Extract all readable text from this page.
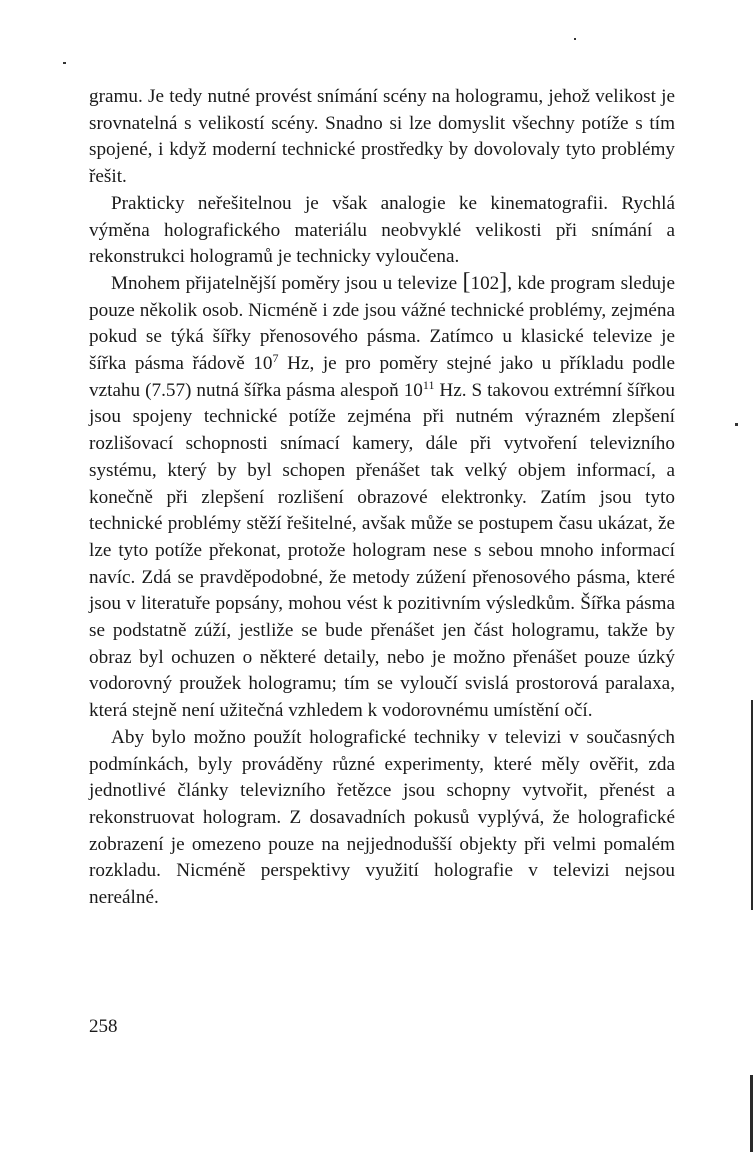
gramu. Je tedy nutné provést snímání scény na hologramu, jehož velikost je srovnatelná s velikostí scény. Snadno si lze domyslit všechny potíže s tím spojené, i když moderní technické prostředky by dovolovaly tyto problémy řešit.

Prakticky neřešitelnou je však analogie ke kinematografii. Rychlá výměna holografického materiálu neobvyklé velikosti při snímání a rekonstrukci hologramů je technicky vyloučena.

Mnohem přijatelnější poměry jsou u televize [102], kde program sleduje pouze několik osob. Nicméně i zde jsou vážné technické problémy, zejména pokud se týká šířky přenosového pásma. Zatímco u klasické televize je šířka pásma řádově $10^7$ Hz, je pro poměry stejné jako u příkladu podle vztahu (7.57) nutná šířka pásma alespoň $10^{11}$ Hz. S takovou extrémní šířkou jsou spojeny technické potíže zejména při nutném výrazném zlepšení rozlišovací schopnosti snímací kamery, dále při vytvoření televizního systému, který by byl schopen přenášet tak velký objem informací, a konečně při zlepšení rozlišení obrazové elektronky. Zatím jsou tyto technické problémy stěží řešitelné, avšak může se postupem času ukázat, že lze tyto potíže překonat, protože hologram nese s sebou mnoho informací navíc. Zdá se pravděpodobné, že metody zúžení přenosového pásma, které jsou v literatuře popsány, mohou vést k pozitivním výsledkům. Šířka pásma se podstatně zúží, jestliže se bude přenášet jen část hologramu, takže by obraz byl ochuzen o některé detaily, nebo je možno přenášet pouze úzký vodorovný proužek hologramu; tím se vyloučí svislá prostorová paralaxa, která stejně není užitečná vzhledem k vodorovnému umístění očí.

Aby bylo možno použít holografické techniky v televizi v současných podmínkách, byly prováděny různé experimenty, které měly ověřit, zda jednotlivé články televizního řetězce jsou schopny vytvořit, přenést a rekonstruovat hologram. Z dosavadních pokusů vyplývá, že holografické zobrazení je omezeno pouze na nejjednodušší objekty při velmi pomalém rozkladu. Nicméně perspektivy využití holografie v televizi nejsou nereálné.

258
